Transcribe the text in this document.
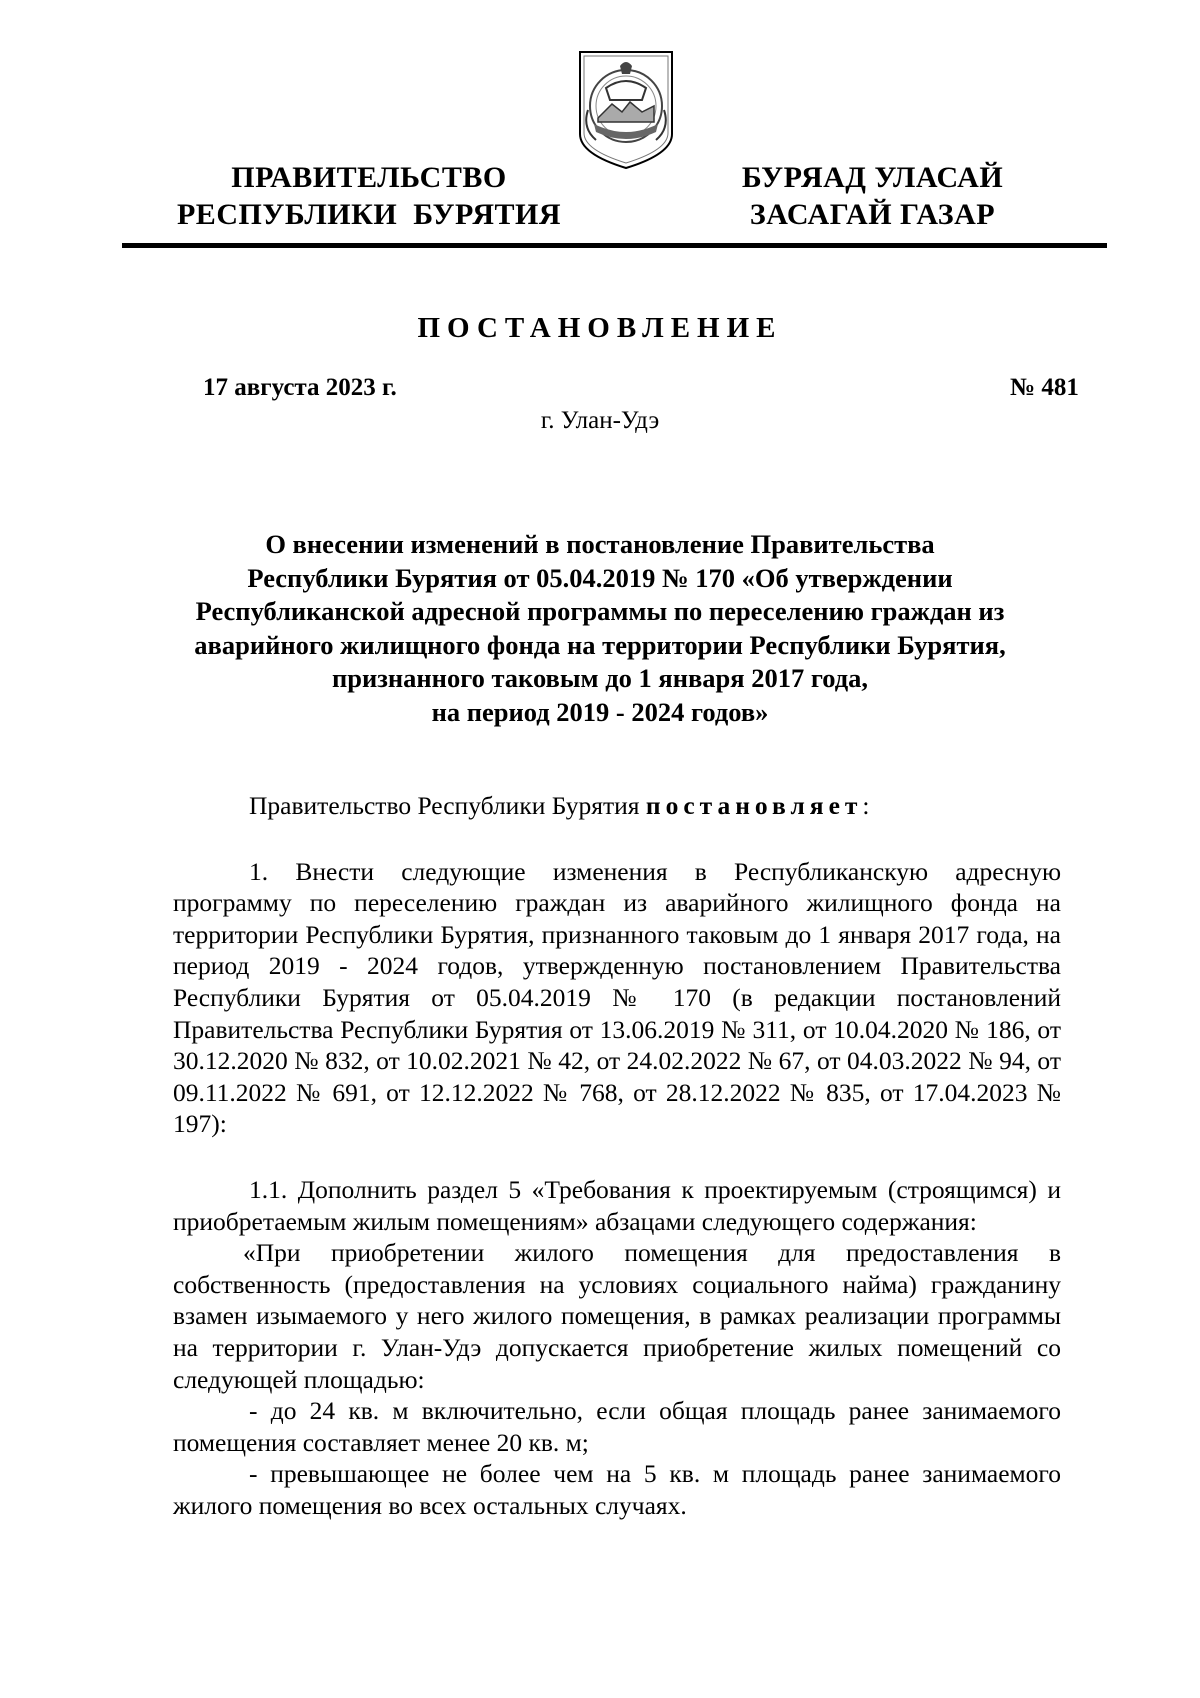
ПРАВИТЕЛЬСТВО
РЕСПУБЛИКИ  БУРЯТИЯ
БУРЯАД УЛАСАЙ
ЗАСАГАЙ ГАЗАР
ПОСТАНОВЛЕНИЕ
17 августа 2023 г.	№ 481
г. Улан-Удэ
О внесении изменений в постановление Правительства
Республики Бурятия от 05.04.2019 № 170 «Об утверждении
Республиканской адресной программы по переселению граждан из
аварийного жилищного фонда на территории Республики Бурятия,
признанного таковым до 1 января 2017 года,
на период 2019 - 2024 годов»

Правительство Республики Бурятия постановляет:

1. Внести следующие изменения в Республиканскую адресную программу по переселению граждан из аварийного жилищного фонда на территории Республики Бурятия, признанного таковым до 1 января 2017 года, на период 2019 - 2024 годов, утвержденную постановлением Правительства Республики Бурятия от 05.04.2019 № 170 (в редакции постановлений Правительства Республики Бурятия от 13.06.2019 № 311, от 10.04.2020 № 186, от 30.12.2020 № 832, от 10.02.2021 № 42, от 24.02.2022 № 67, от 04.03.2022 № 94, от 09.11.2022 № 691, от 12.12.2022 № 768, от 28.12.2022 № 835, от 17.04.2023 № 197):

1.1. Дополнить раздел 5 «Требования к проектируемым (строящимся) и приобретаемым жилым помещениям» абзацами следующего содержания:

«При приобретении жилого помещения для предоставления в собственность (предоставления на условиях социального найма) гражданину взамен изымаемого у него жилого помещения, в рамках реализации программы на территории г. Улан-Удэ допускается приобретение жилых помещений со следующей площадью:

- до 24 кв. м включительно, если общая площадь ранее занимаемого помещения составляет менее 20 кв. м;

- превышающее не более чем на 5 кв. м площадь ранее занимаемого жилого помещения во всех остальных случаях.
